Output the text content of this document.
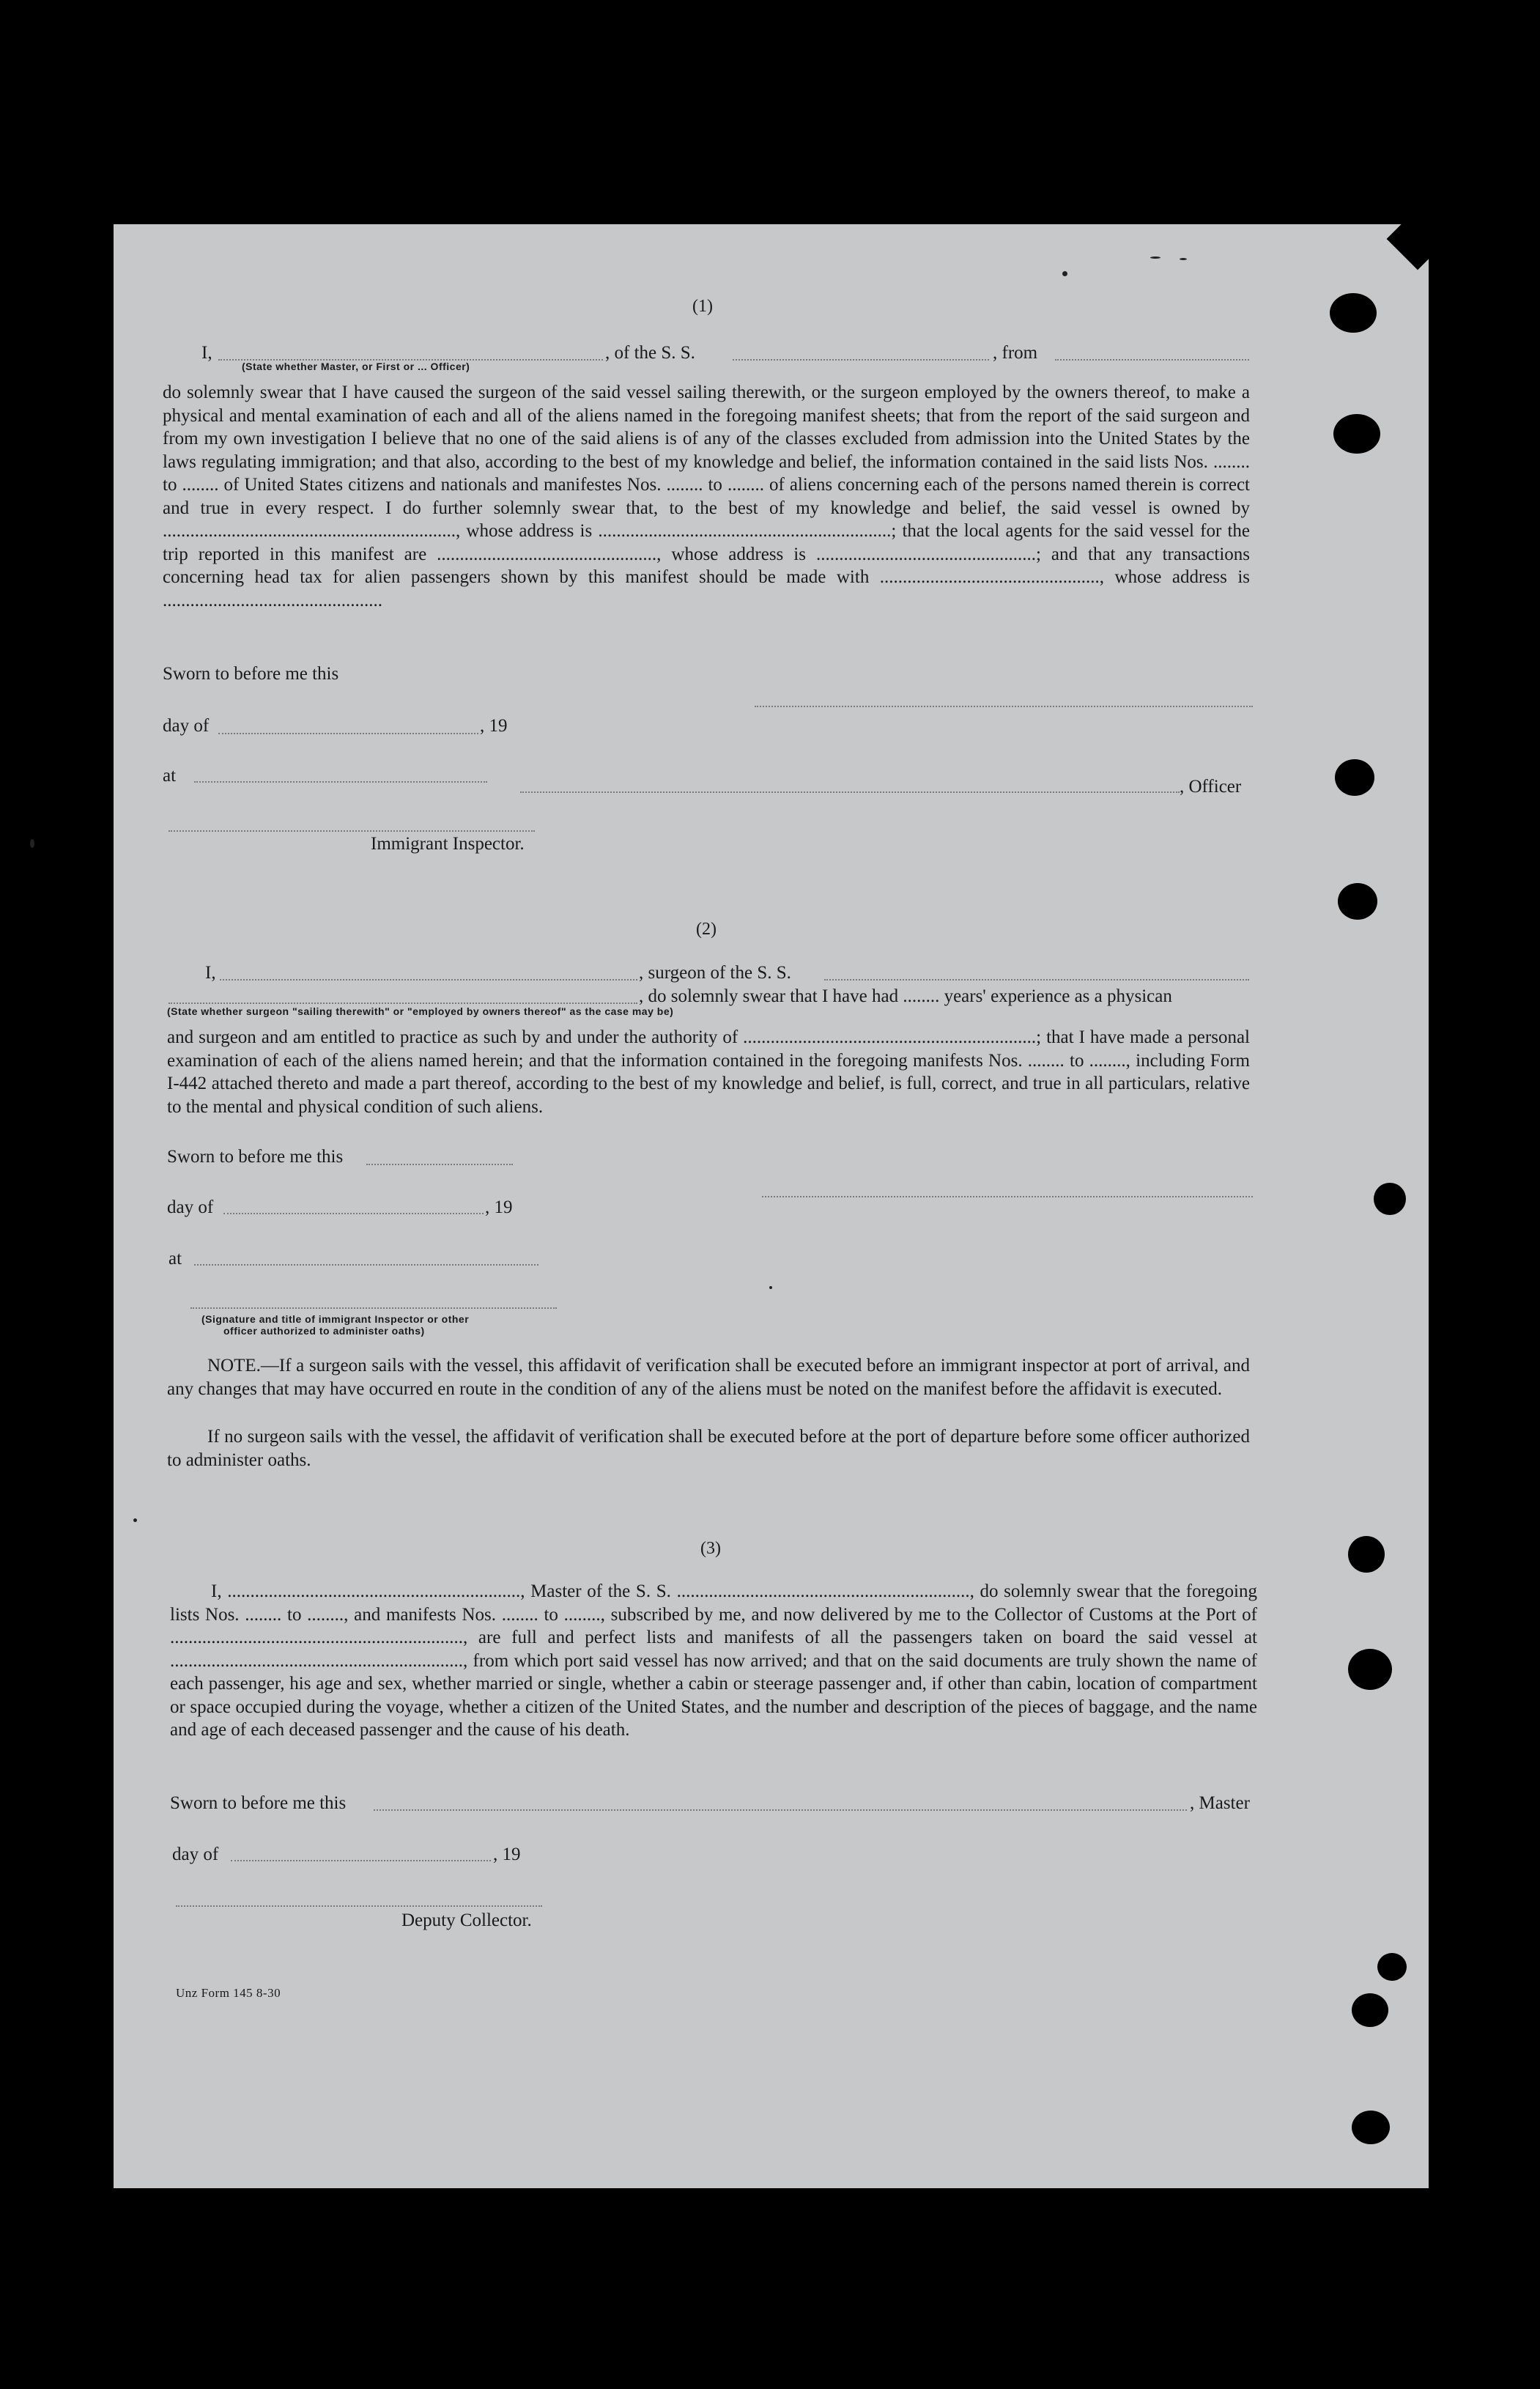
(1)
I,	, of the S. S.	, from
(State whether Master, or First or ... Officer)
do solemnly swear that I have caused the surgeon of the said vessel sailing therewith, or the surgeon employed by the owners thereof, to make a physical and mental examination of each and all of the aliens named in the foregoing manifest sheets; that from the report of the said surgeon and from my own investigation I believe that no one of the said aliens is of any of the classes excluded from admission into the United States by the laws regulating immigration; and that also, according to the best of my knowledge and belief, the information contained in the said lists Nos. ........ to ........ of United States citizens and nationals and manifestes Nos. ........ to ........ of aliens concerning each of the persons named therein is correct and true in every respect. I do further solemnly swear that, to the best of my knowledge and belief, the said vessel is owned by ................................................................, whose address is ................................................................; that the local agents for the said vessel for the trip reported in this manifest are ................................................, whose address is ................................................; and that any transactions concerning head tax for alien passengers shown by this manifest should be made with ................................................, whose address is ................................................
Sworn to before me this
day of	, 19
at
, Officer
Immigrant Inspector.
(2)
I,	, surgeon of the S. S.
, do solemnly swear that I have had ........ years' experience as a physican
(State whether surgeon "sailing therewith" or "employed by owners thereof" as the case may be)
and surgeon and am entitled to practice as such by and under the authority of ................................................................; that I have made a personal examination of each of the aliens named herein; and that the information contained in the foregoing manifests Nos. ........ to ........, including Form I-442 attached thereto and made a part thereof, according to the best of my knowledge and belief, is full, correct, and true in all particulars, relative to the mental and physical condition of such aliens.
Sworn to before me this
day of	, 19
at
(Signature and title of immigrant Inspector or other
officer authorized to administer oaths)
NOTE.—If a surgeon sails with the vessel, this affidavit of verification shall be executed before an immigrant inspector at port of arrival, and any changes that may have occurred en route in the condition of any of the aliens must be noted on the manifest before the affidavit is executed.
If no surgeon sails with the vessel, the affidavit of verification shall be executed before at the port of departure before some officer authorized to administer oaths.
(3)
I, ................................................................, Master of the S. S. ................................................................, do solemnly swear that the foregoing lists Nos. ........ to ........, and manifests Nos. ........ to ........, subscribed by me, and now delivered by me to the Collector of Customs at the Port of ................................................................, are full and perfect lists and manifests of all the passengers taken on board the said vessel at ................................................................, from which port said vessel has now arrived; and that on the said documents are truly shown the name of each passenger, his age and sex, whether married or single, whether a cabin or steerage passenger and, if other than cabin, location of compartment or space occupied during the voyage, whether a citizen of the United States, and the number and description of the pieces of baggage, and the name and age of each deceased passenger and the cause of his death.
Sworn to before me this	, Master
day of	, 19
Deputy Collector.
Unz Form 145 8-30
